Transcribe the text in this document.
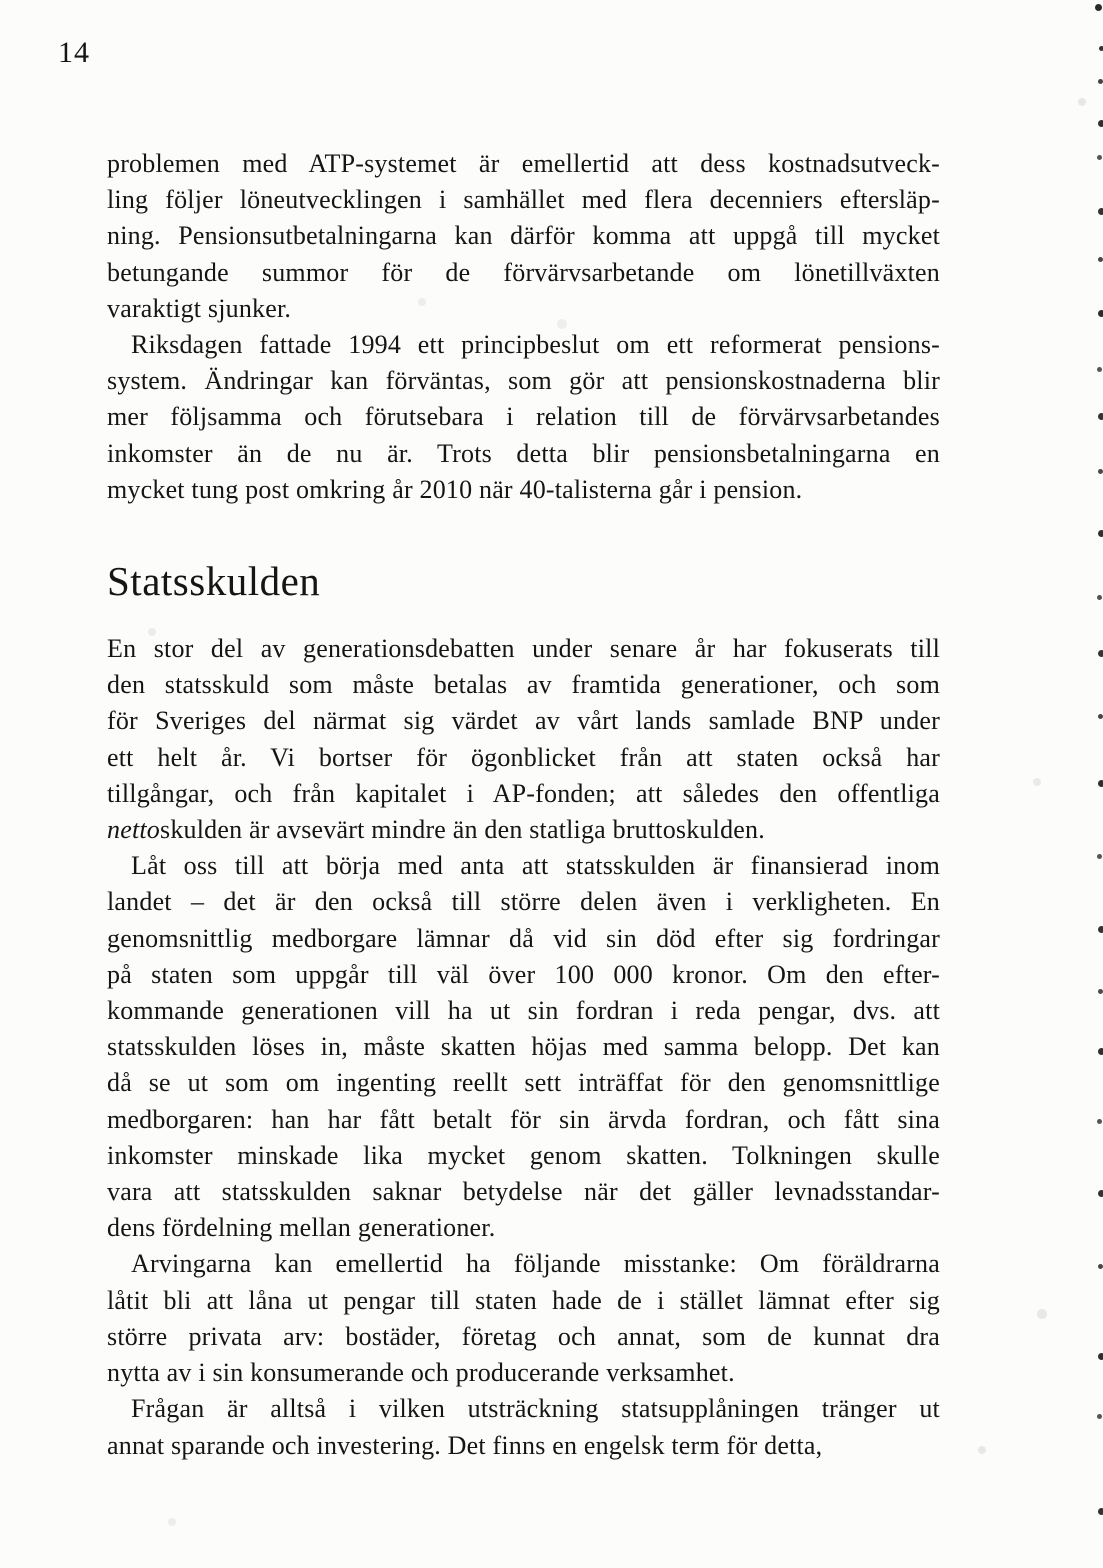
14
problemen med ATP-systemet är emellertid att dess kostnadsutveck-
ling följer löneutvecklingen i samhället med flera decenniers eftersläp-
ning. Pensionsutbetalningarna kan därför komma att uppgå till mycket
betungande summor för de förvärvsarbetande om lönetillväxten
varaktigt sjunker.
Riksdagen fattade 1994 ett principbeslut om ett reformerat pensions-
system. Ändringar kan förväntas, som gör att pensionskostnaderna blir
mer följsamma och förutsebara i relation till de förvärvsarbetandes
inkomster än de nu är. Trots detta blir pensionsbetalningarna en
mycket tung post omkring år 2010 när 40-talisterna går i pension.
Statsskulden
En stor del av generationsdebatten under senare år har fokuserats till
den statsskuld som måste betalas av framtida generationer, och som
för Sveriges del närmat sig värdet av vårt lands samlade BNP under
ett helt år. Vi bortser för ögonblicket från att staten också har
tillgångar, och från kapitalet i AP-fonden; att således den offentliga
nettoskulden är avsevärt mindre än den statliga bruttoskulden.
Låt oss till att börja med anta att statsskulden är finansierad inom
landet – det är den också till större delen även i verkligheten. En
genomsnittlig medborgare lämnar då vid sin död efter sig fordringar
på staten som uppgår till väl över 100 000 kronor. Om den efter-
kommande generationen vill ha ut sin fordran i reda pengar, dvs. att
statsskulden löses in, måste skatten höjas med samma belopp. Det kan
då se ut som om ingenting reellt sett inträffat för den genomsnittlige
medborgaren: han har fått betalt för sin ärvda fordran, och fått sina
inkomster minskade lika mycket genom skatten. Tolkningen skulle
vara att statsskulden saknar betydelse när det gäller levnadsstandar-
dens fördelning mellan generationer.
Arvingarna kan emellertid ha följande misstanke: Om föräldrarna
låtit bli att låna ut pengar till staten hade de i stället lämnat efter sig
större privata arv: bostäder, företag och annat, som de kunnat dra
nytta av i sin konsumerande och producerande verksamhet.
Frågan är alltså i vilken utsträckning statsupplåningen tränger ut
annat sparande och investering. Det finns en engelsk term för detta,
